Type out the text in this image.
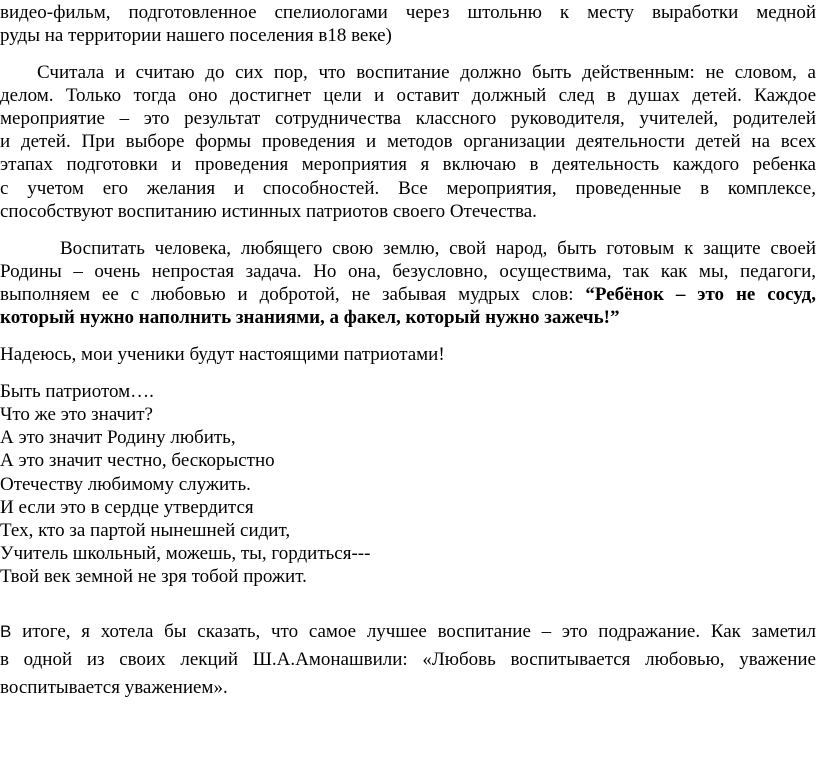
видео-фильм, подготовленное спелиологами через штольню к месту выработки медной

руды на территории нашего поселения в18 веке)

Считала и считаю до сих пор, что воспитание должно быть действенным: не словом, а

делом. Только тогда оно достигнет цели и оставит должный след в душах детей. Каждое

мероприятие – это результат сотрудничества классного руководителя, учителей, родителей

и детей. При выборе формы проведения и методов организации деятельности детей на всех

этапах подготовки и проведения мероприятия я включаю в деятельность каждого ребенка

с учетом его желания и способностей. Все мероприятия, проведенные в комплексе,

способствуют воспитанию истинных патриотов своего Отечества.

Воспитать человека, любящего свою землю, свой народ, быть готовым к защите своей

Родины – очень непростая задача. Но она, безусловно, осуществима, так как мы, педагоги,

выполняем ее с любовью и добротой, не забывая мудрых слов: “Ребёнок – это не сосуд,

который нужно наполнить знаниями, а факел, который нужно зажечь!”

Надеюсь, мои ученики будут настоящими патриотами!

Быть патриотом….

Что же это значит?

А это значит Родину любить,

А это значит честно, бескорыстно

Отечеству любимому служить.

И если это в сердце утвердится

Тех, кто за партой нынешней сидит,

Учитель школьный, можешь, ты, гордиться---

Твой век земной не зря тобой прожит.

В итоге, я хотела бы сказать, что самое лучшее воспитание – это подражание. Как заметил

в одной из своих лекций Ш.А.Амонашвили: «Любовь воспитывается любовью, уважение

воспитывается уважением».
